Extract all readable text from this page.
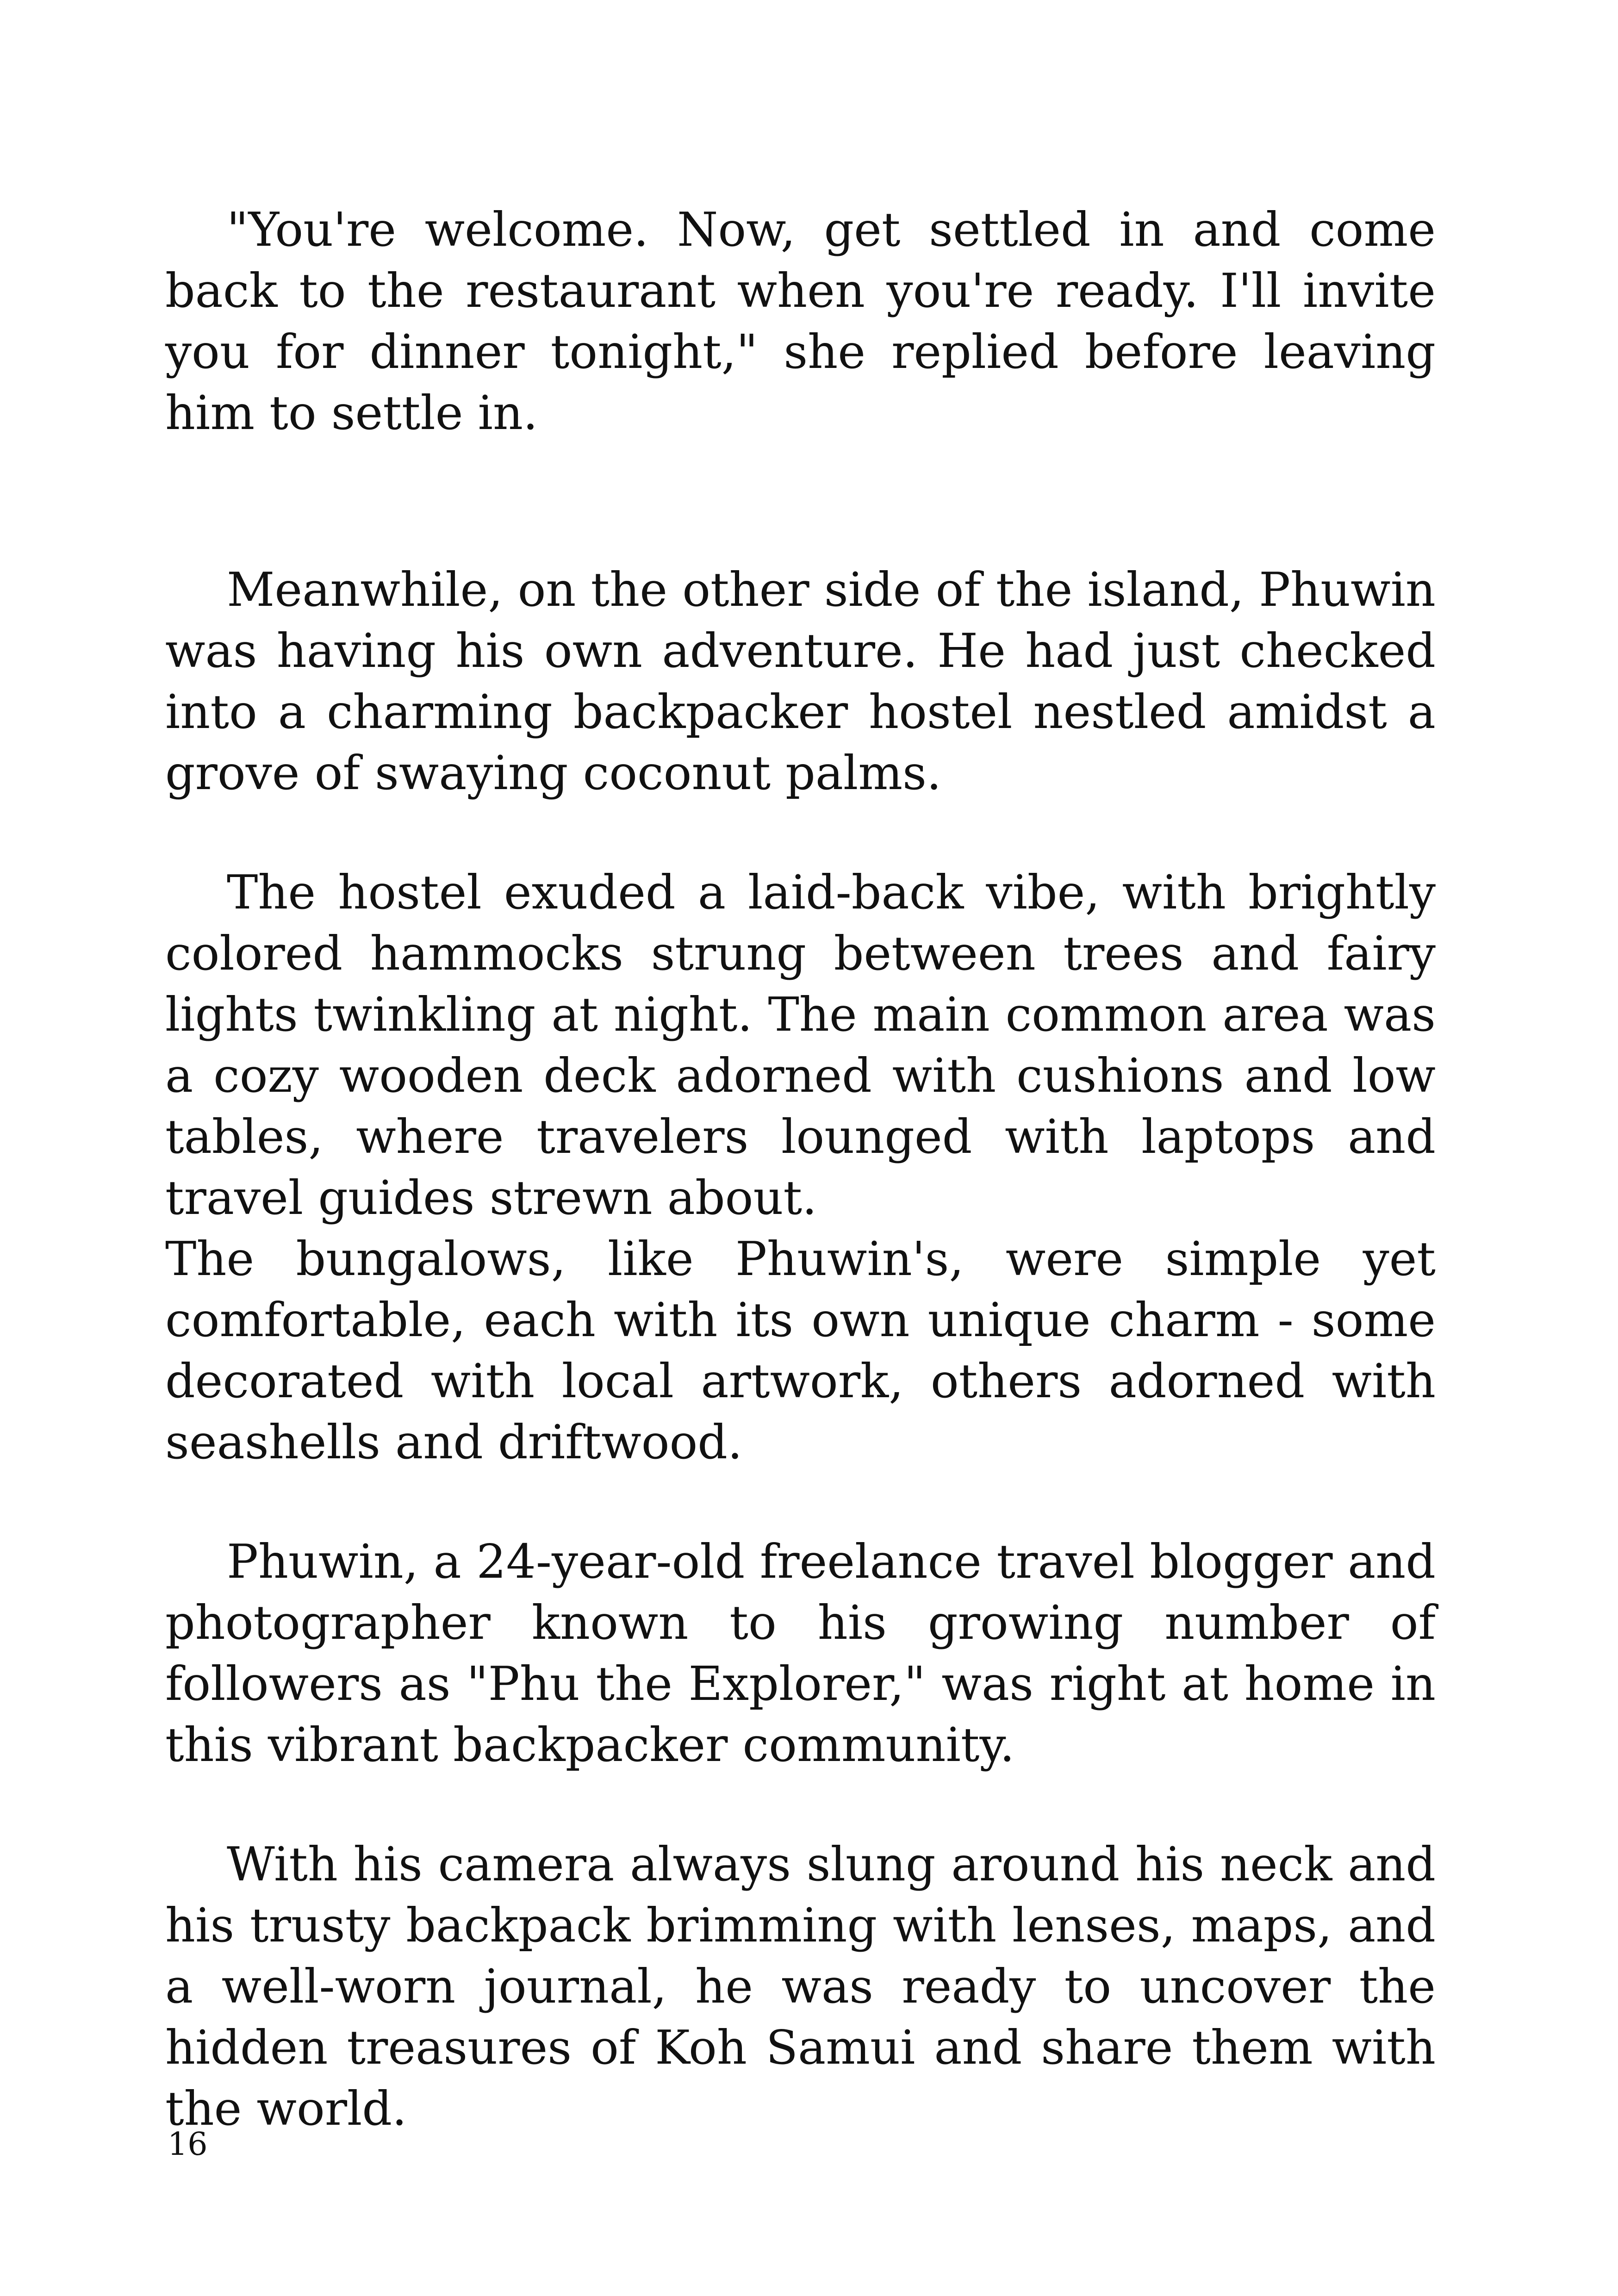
"You're welcome. Now, get settled in and come back to the restaurant when you're ready. I'll invite you for dinner tonight," she replied before leaving him to settle in.

Meanwhile, on the other side of the island, Phuwin was having his own adventure. He had just checked into a charming backpacker hostel nestled amidst a grove of swaying coconut palms.

The hostel exuded a laid-back vibe, with brightly colored hammocks strung between trees and fairy lights twinkling at night. The main common area was a cozy wooden deck adorned with cushions and low tables, where travelers lounged with laptops and travel guides strewn about.

The bungalows, like Phuwin's, were simple yet comfortable, each with its own unique charm - some decorated with local artwork, others adorned with seashells and driftwood.

Phuwin, a 24-year-old freelance travel blogger and photographer known to his growing number of followers as "Phu the Explorer," was right at home in this vibrant backpacker community.

With his camera always slung around his neck and his trusty backpack brimming with lenses, maps, and a well-worn journal, he was ready to uncover the hidden treasures of Koh Samui and share them with the world.

16
